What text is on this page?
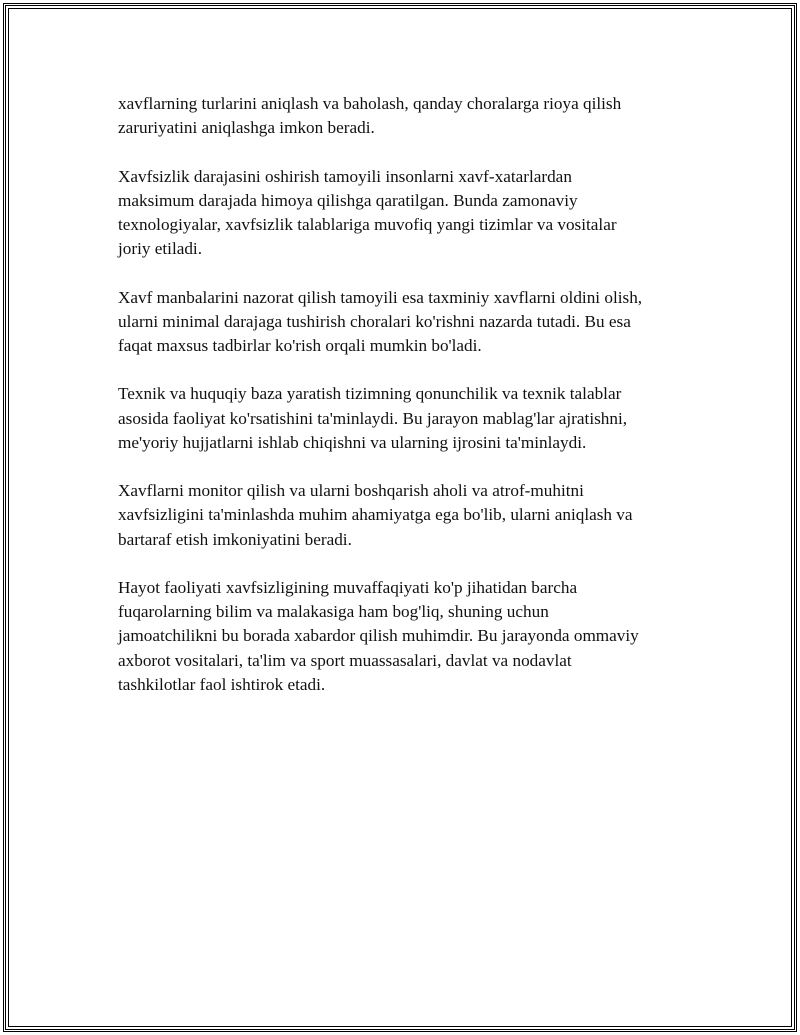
xavflarning turlarini aniqlash va baholash, qanday choralarga rioya qilish
zaruriyatini aniqlashga imkon beradi.

Xavfsizlik darajasini oshirish tamoyili insonlarni xavf-xatarlardan
maksimum darajada himoya qilishga qaratilgan. Bunda zamonaviy
texnologiyalar, xavfsizlik talablariga muvofiq yangi tizimlar va vositalar
joriy etiladi.

Xavf manbalarini nazorat qilish tamoyili esa taxminiy xavflarni oldini olish,
ularni minimal darajaga tushirish choralari ko'rishni nazarda tutadi. Bu esa
faqat maxsus tadbirlar ko'rish orqali mumkin bo'ladi.

Texnik va huquqiy baza yaratish tizimning qonunchilik va texnik talablar
asosida faoliyat ko'rsatishini ta'minlaydi. Bu jarayon mablag'lar ajratishni,
me'yoriy hujjatlarni ishlab chiqishni va ularning ijrosini ta'minlaydi.

Xavflarni monitor qilish va ularni boshqarish aholi va atrof-muhitni
xavfsizligini ta'minlashda muhim ahamiyatga ega bo'lib, ularni aniqlash va
bartaraf etish imkoniyatini beradi.

Hayot faoliyati xavfsizligining muvaffaqiyati ko'p jihatidan barcha
fuqarolarning bilim va malakasiga ham bog'liq, shuning uchun
jamoatchilikni bu borada xabardor qilish muhimdir. Bu jarayonda ommaviy
axborot vositalari, ta'lim va sport muassasalari, davlat va nodavlat
tashkilotlar faol ishtirok etadi.
